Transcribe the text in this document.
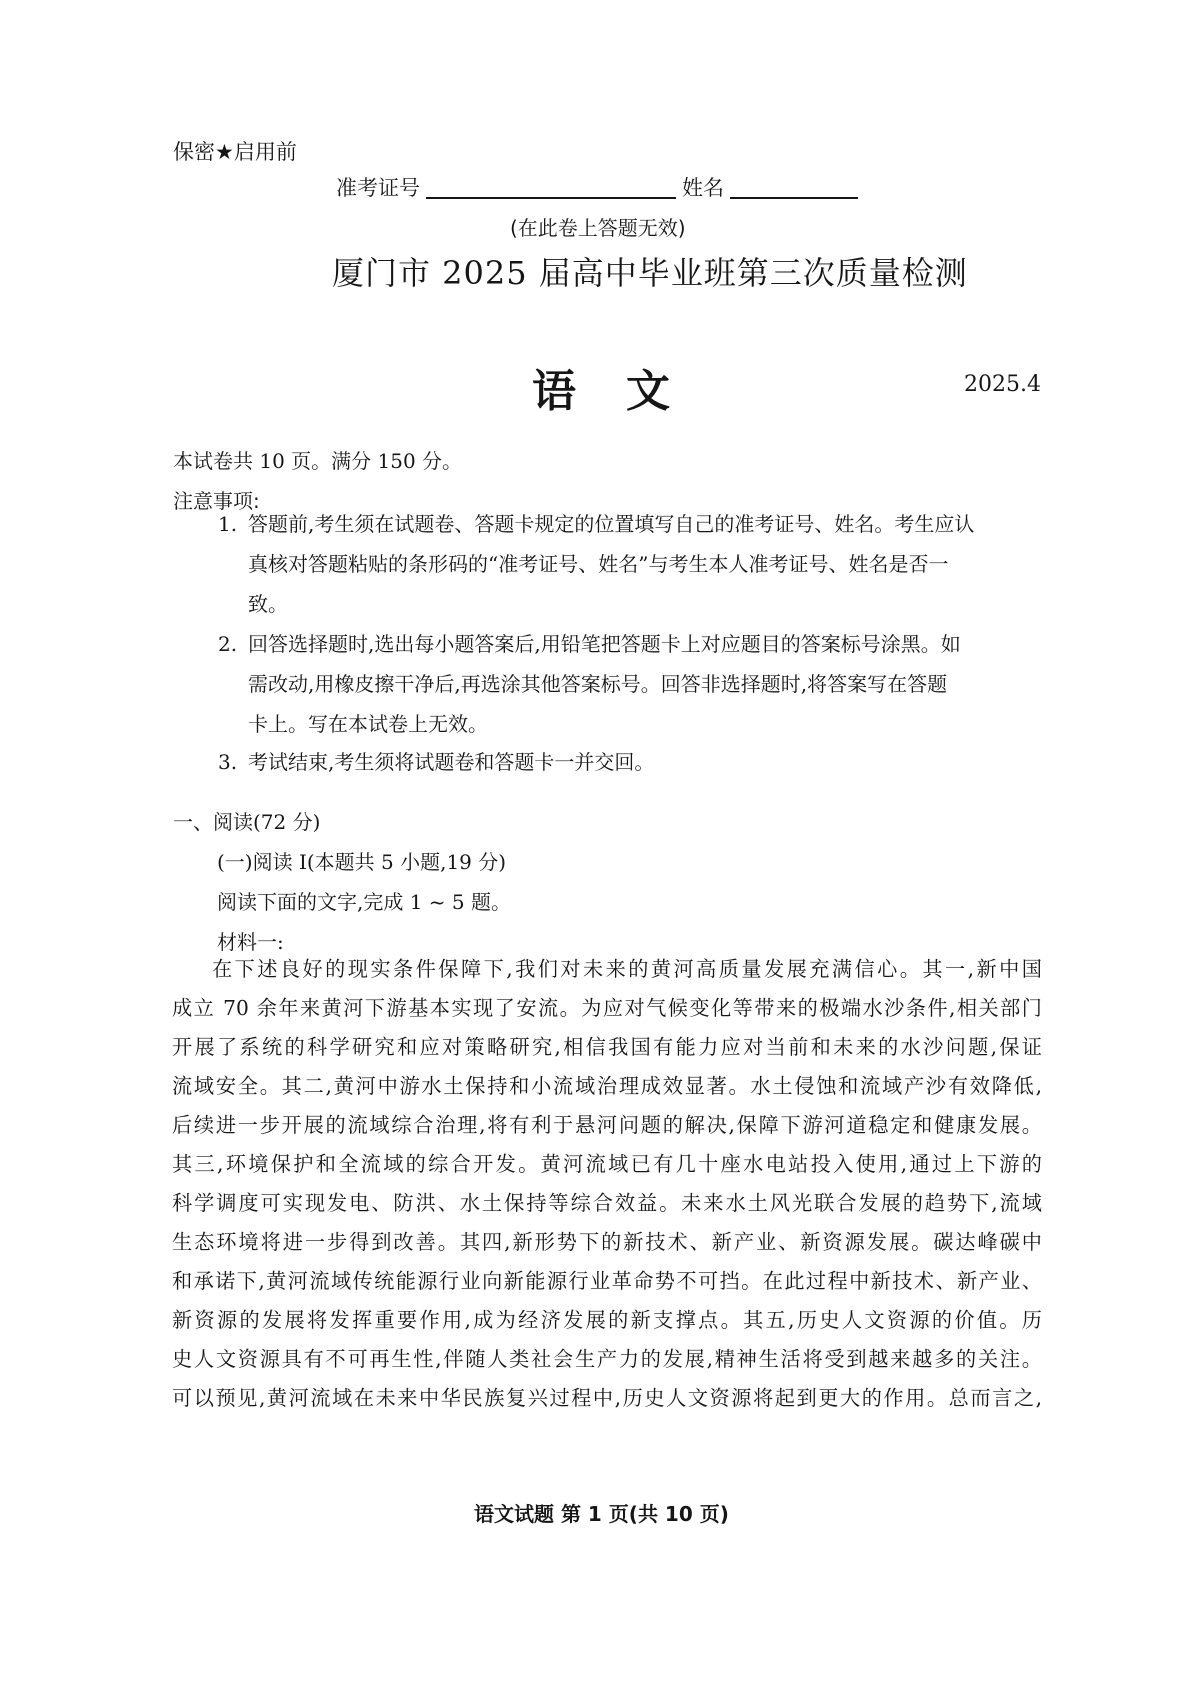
保密★启用前
准考证号	姓名
(在此卷上答题无效)
厦门市 2025 届高中毕业班第三次质量检测
语文	2025.4
本试卷共 10 页。满分 150 分。
注意事项:
1. 答题前,考生须在试题卷、答题卡规定的位置填写自己的准考证号、姓名。考生应认
真核对答题粘贴的条形码的“准考证号、姓名”与考生本人准考证号、姓名是否一
致。
2. 回答选择题时,选出每小题答案后,用铅笔把答题卡上对应题目的答案标号涂黑。如
需改动,用橡皮擦干净后,再选涂其他答案标号。回答非选择题时,将答案写在答题
卡上。写在本试卷上无效。
3. 考试结束,考生须将试题卷和答题卡一并交回。
一、阅读(72 分)
(一)阅读 I(本题共 5 小题,19 分)
阅读下面的文字,完成 1 ~ 5 题。
材料一:
在下述良好的现实条件保障下,我们对未来的黄河高质量发展充满信心。其一,新中国
成立 70 余年来黄河下游基本实现了安流。为应对气候变化等带来的极端水沙条件,相关部门
开展了系统的科学研究和应对策略研究,相信我国有能力应对当前和未来的水沙问题,保证
流域安全。其二,黄河中游水土保持和小流域治理成效显著。水土侵蚀和流域产沙有效降低,
后续进一步开展的流域综合治理,将有利于悬河问题的解决,保障下游河道稳定和健康发展。
其三,环境保护和全流域的综合开发。黄河流域已有几十座水电站投入使用,通过上下游的
科学调度可实现发电、防洪、水土保持等综合效益。未来水土风光联合发展的趋势下,流域
生态环境将进一步得到改善。其四,新形势下的新技术、新产业、新资源发展。碳达峰碳中
和承诺下,黄河流域传统能源行业向新能源行业革命势不可挡。在此过程中新技术、新产业、
新资源的发展将发挥重要作用,成为经济发展的新支撑点。其五,历史人文资源的价值。历
史人文资源具有不可再生性,伴随人类社会生产力的发展,精神生活将受到越来越多的关注。
可以预见,黄河流域在未来中华民族复兴过程中,历史人文资源将起到更大的作用。总而言之,
语文试题 第 1 页(共 10 页)
